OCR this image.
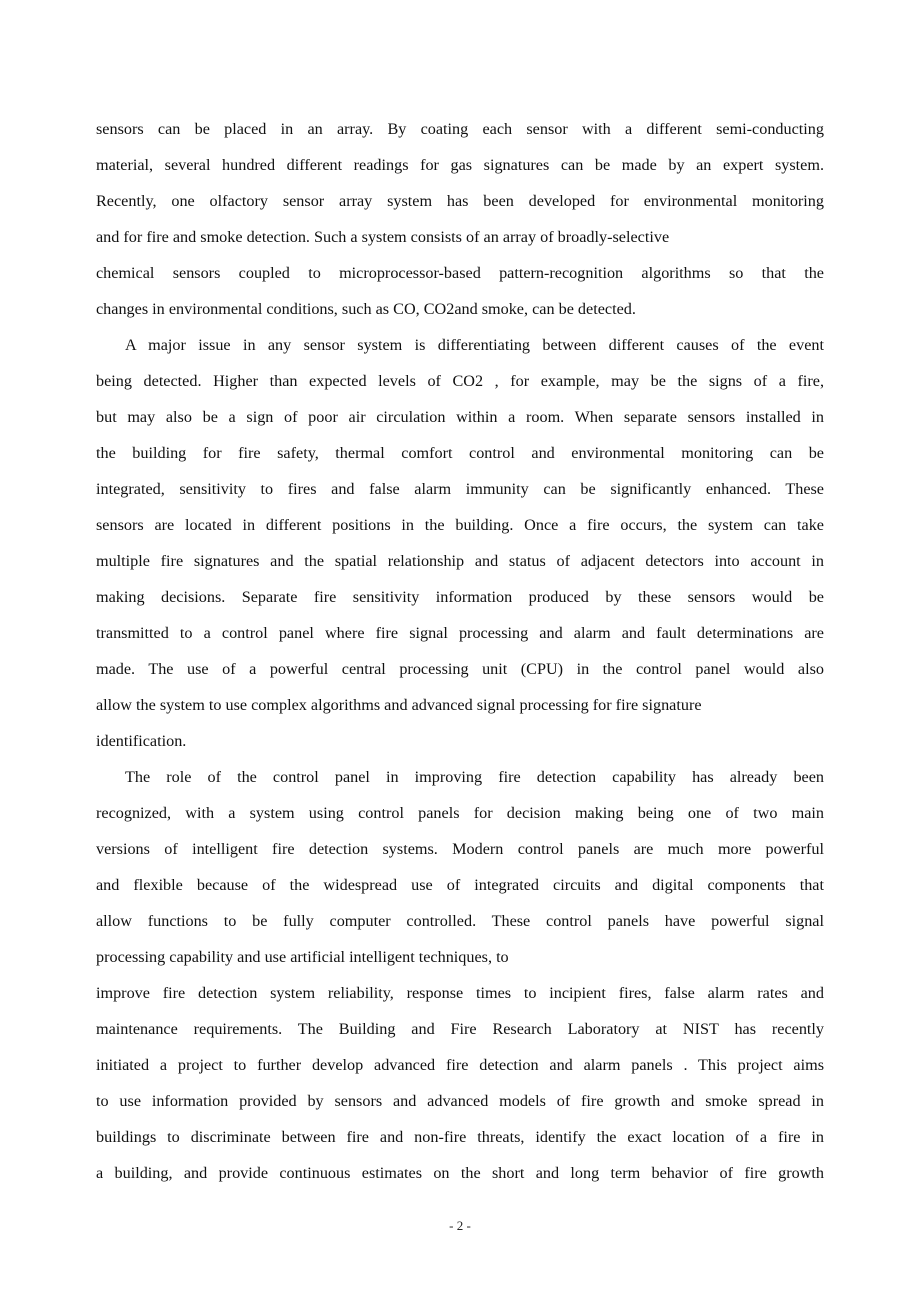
sensors can be placed in an array. By coating each sensor with a different semi-conducting
material, several hundred different readings for gas signatures can be made by an expert system.
Recently, one olfactory sensor array system has been developed for environmental monitoring
and for fire and smoke detection. Such a system consists of an array of broadly-selective
chemical sensors coupled to microprocessor-based pattern-recognition algorithms so that the
changes in environmental conditions, such as CO, CO2and smoke, can be detected.
A major issue in any sensor system is differentiating between different causes of the event
being detected. Higher than expected levels of CO2 , for example, may be the signs of a fire,
but may also be a sign of poor air circulation within a room. When separate sensors installed in
the building for fire safety, thermal comfort control and environmental monitoring can be
integrated, sensitivity to fires and false alarm immunity can be significantly enhanced. These
sensors are located in different positions in the building. Once a fire occurs, the system can take
multiple fire signatures and the spatial relationship and status of adjacent detectors into account in
making decisions. Separate fire sensitivity information produced by these sensors would be
transmitted to a control panel where fire signal processing and alarm and fault determinations are
made. The use of a powerful central processing unit (CPU) in the control panel would also
allow the system to use complex algorithms and advanced signal processing for fire signature
identification.
The role of the control panel in improving fire detection capability has already been
recognized, with a system using control panels for decision making being one of two main
versions of intelligent fire detection systems. Modern control panels are much more powerful
and flexible because of the widespread use of integrated circuits and digital components that
allow functions to be fully computer controlled. These control panels have powerful signal
processing capability and use artificial intelligent techniques, to
improve fire detection system reliability, response times to incipient fires, false alarm rates and
maintenance requirements. The Building and Fire Research Laboratory at NIST has recently
initiated a project to further develop advanced fire detection and alarm panels . This project aims
to use information provided by sensors and advanced models of fire growth and smoke spread in
buildings to discriminate between fire and non-fire threats, identify the exact location of a fire in
a building, and provide continuous estimates on the short and long term behavior of fire growth
- 2 -
